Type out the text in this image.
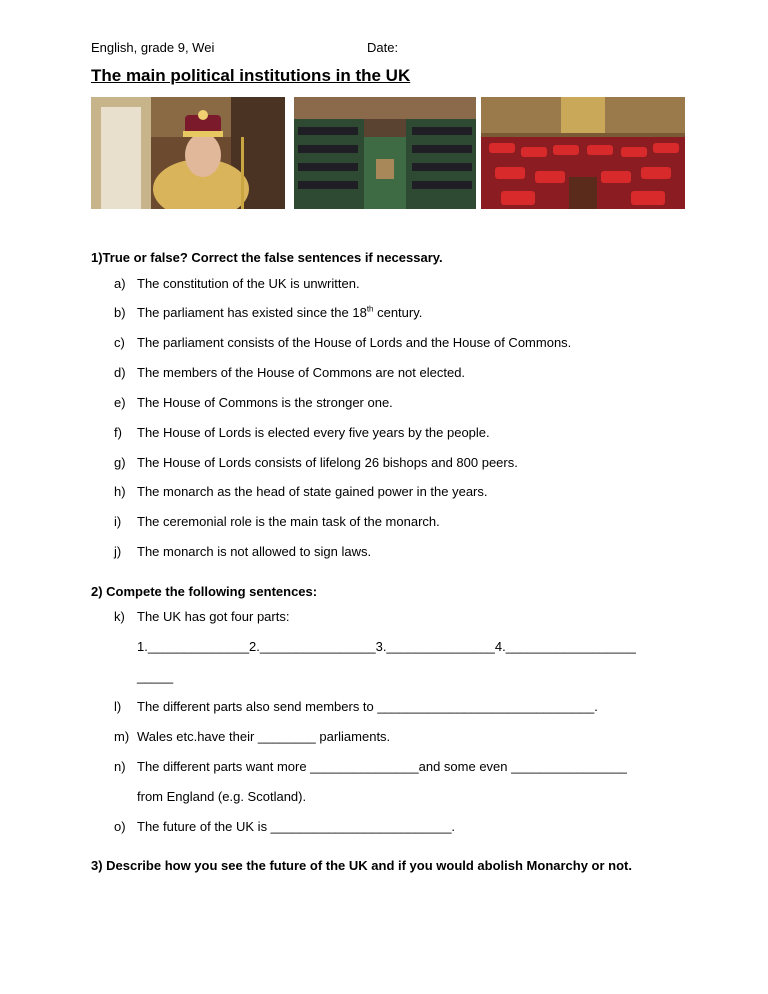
English, grade 9, Wei	Date:
The main political institutions in the UK
1)True or false? Correct the false sentences if necessary.
a) The constitution of the UK is unwritten.
b) The parliament has existed since the 18th century.
c) The parliament consists of the House of Lords and the House of Commons.
d) The members of the House of Commons are not elected.
e) The House of Commons is the stronger one.
f) The House of Lords is elected every five years by the people.
g) The House of Lords consists of lifelong 26 bishops and 800 peers.
h) The monarch as the head of state gained power in the years.
i) The ceremonial role is the main task of the monarch.
j) The monarch is not allowed to sign laws.
2) Compete the following sentences:
k) The UK has got four parts:
1.______________2.________________3._______________4.__________________
_____
l) The different parts also send members to ______________________________.
m) Wales etc.have their ________ parliaments.
n) The different parts want more _______________and some even ________________
from England (e.g. Scotland).
o) The future of the UK is _________________________.
3) Describe how you see the future of the UK and if you would abolish Monarchy or not.
